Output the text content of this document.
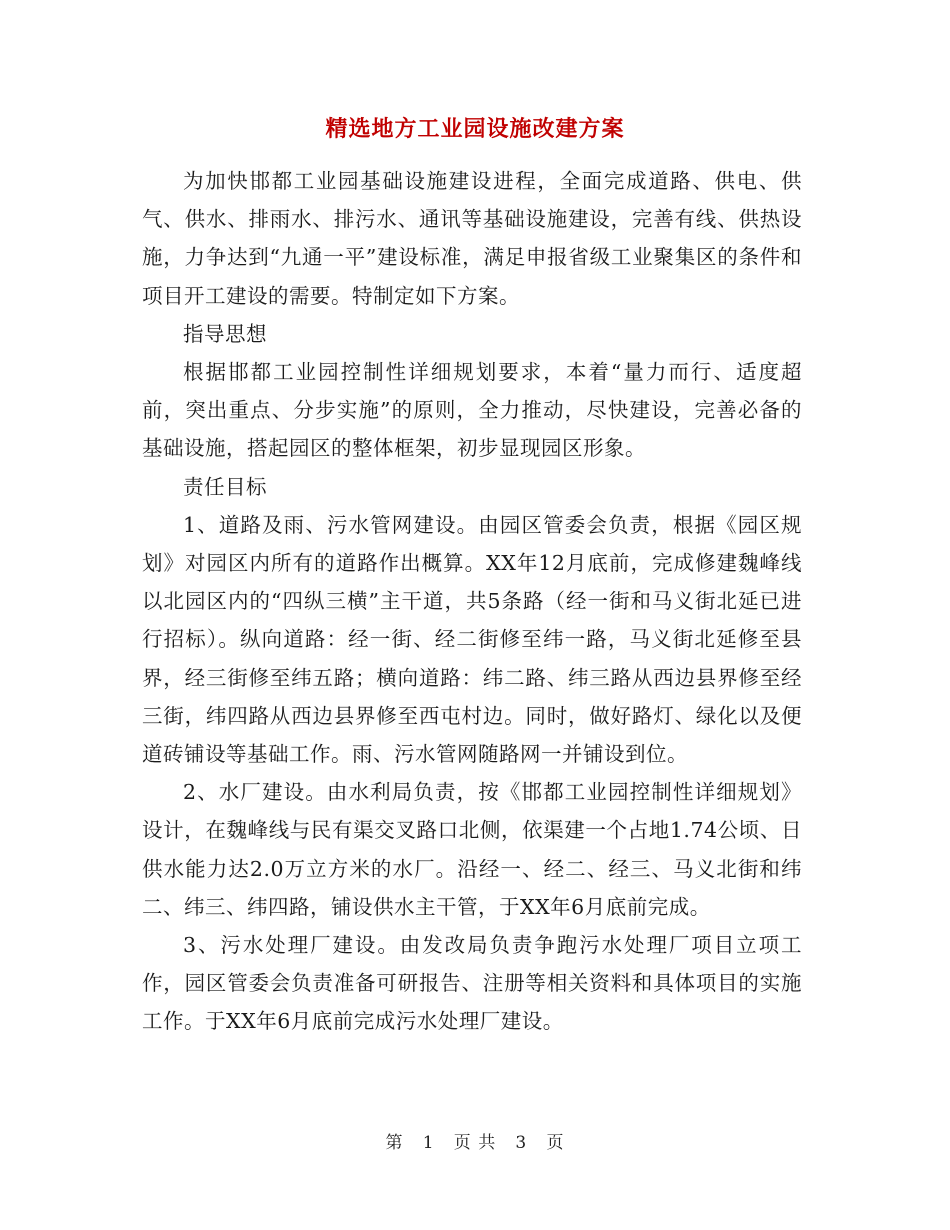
精选地方工业园设施改建方案

为加快邯都工业园基础设施建设进程，全面完成道路、供电、供气、供水、排雨水、排污水、通讯等基础设施建设，完善有线、供热设施，力争达到“九通一平”建设标准，满足申报省级工业聚集区的条件和项目开工建设的需要。特制定如下方案。

指导思想

根据邯都工业园控制性详细规划要求，本着“量力而行、适度超前，突出重点、分步实施”的原则，全力推动，尽快建设，完善必备的基础设施，搭起园区的整体框架，初步显现园区形象。

责任目标

1、道路及雨、污水管网建设。由园区管委会负责，根据《园区规划》对园区内所有的道路作出概算。XX年12月底前，完成修建魏峰线以北园区内的“四纵三横”主干道，共5条路（经一街和马义街北延已进行招标）。纵向道路：经一街、经二街修至纬一路，马义街北延修至县界，经三街修至纬五路；横向道路：纬二路、纬三路从西边县界修至经三街，纬四路从西边县界修至西屯村边。同时，做好路灯、绿化以及便道砖铺设等基础工作。雨、污水管网随路网一并铺设到位。

2、水厂建设。由水利局负责，按《邯都工业园控制性详细规划》设计，在魏峰线与民有渠交叉路口北侧，依渠建一个占地1.74公顷、日供水能力达2.0万立方米的水厂。沿经一、经二、经三、马义北街和纬二、纬三、纬四路，铺设供水主干管，于XX年6月底前完成。

3、污水处理厂建设。由发改局负责争跑污水处理厂项目立项工作，园区管委会负责准备可研报告、注册等相关资料和具体项目的实施工作。于XX年6月底前完成污水处理厂建设。

第 1 页 共 3 页
